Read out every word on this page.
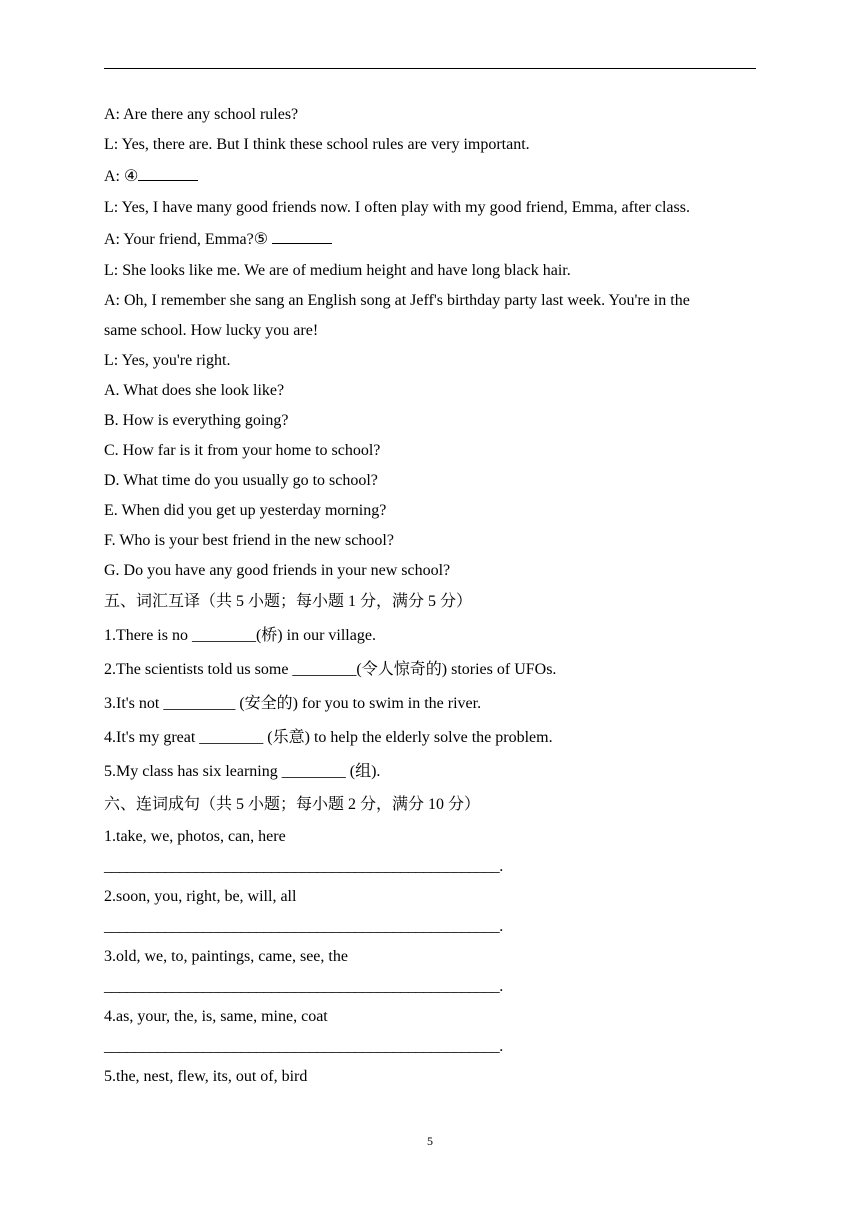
A: Are there any school rules?
L: Yes, there are. But I think these school rules are very important.
A: ④
L: Yes, I have many good friends now. I often play with my good friend, Emma, after class.
A: Your friend, Emma?⑤
L: She looks like me. We are of medium height and have long black hair.
A: Oh, I remember she sang an English song at Jeff's birthday party last week. You're in the
same school. How lucky you are!
L: Yes, you're right.
A. What does she look like?
B. How is everything going?
C. How far is it from your home to school?
D. What time do you usually go to school?
E. When did you get up yesterday morning?
F. Who is your best friend in the new school?
G. Do you have any good friends in your new school?
五、词汇互译（共 5 小题；每小题 1 分，满分 5 分）
1.There is no ________(桥) in our village.
2.The scientists told us some ________(令人惊奇的) stories of UFOs.
3.It's not _________ (安全的) for you to swim in the river.
4.It's my great ________ (乐意) to help the elderly solve the problem.
5.My class has six learning ________ (组).
六、连词成句（共 5 小题；每小题 2 分，满分 10 分）
1.take, we, photos, can, here
____________________________________________________.
2.soon, you, right, be, will, all
____________________________________________________.
3.old, we, to, paintings, came, see, the
____________________________________________________.
4.as, your, the, is, same, mine, coat
____________________________________________________.
5.the, nest, flew, its, out of, bird
5
